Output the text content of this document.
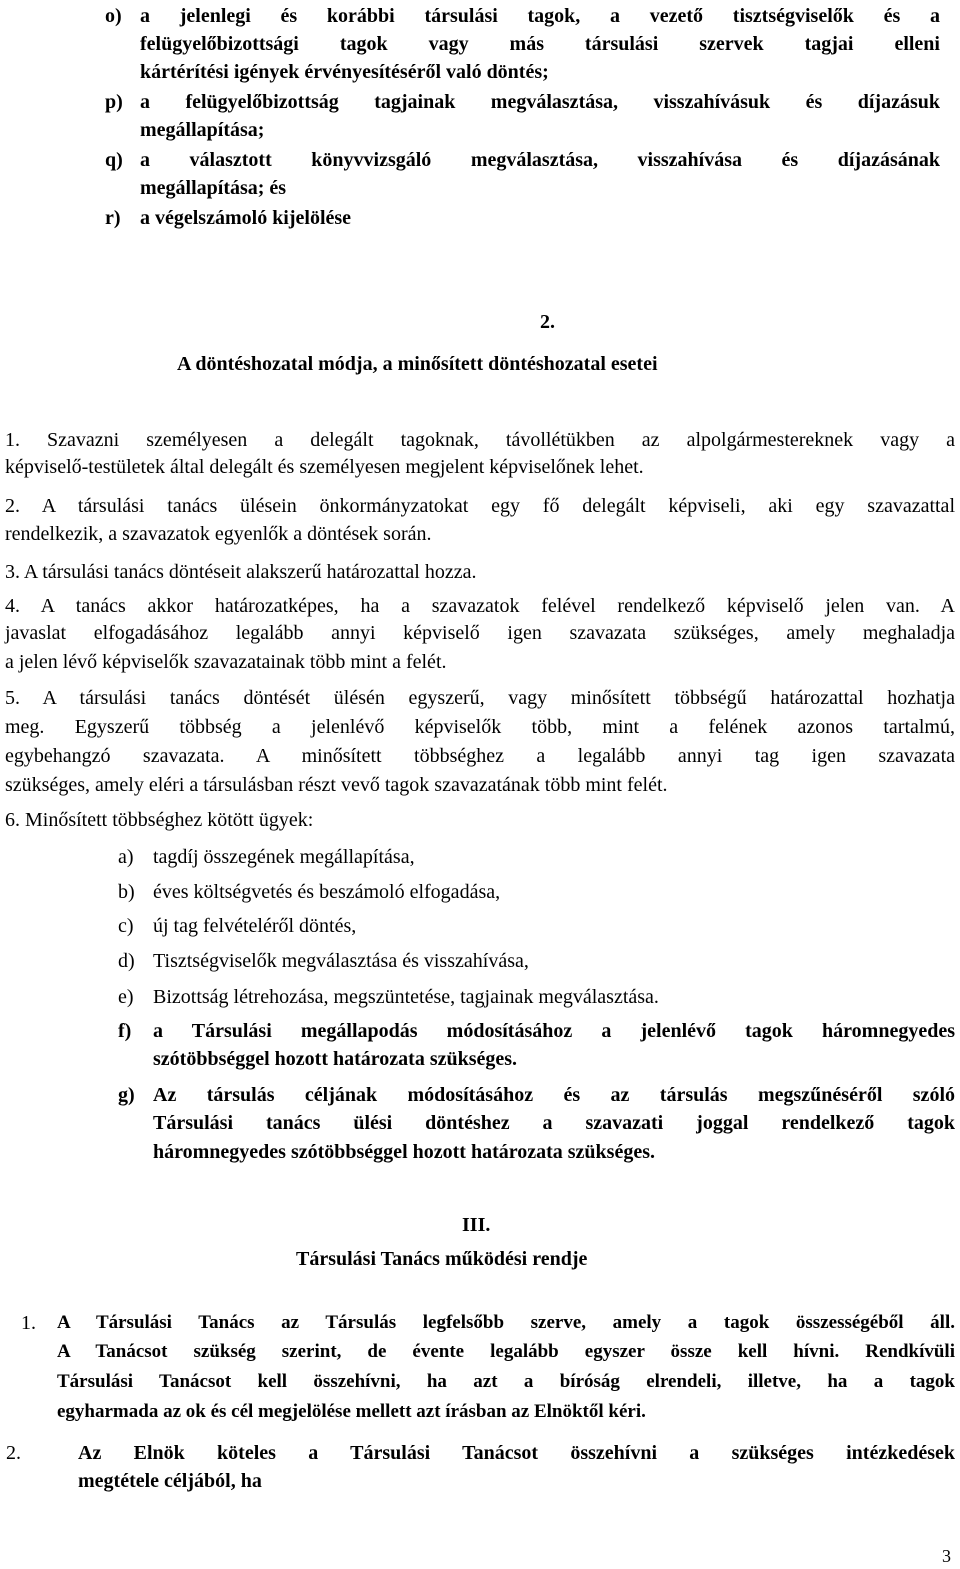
o) a jelenlegi és korábbi társulási tagok, a vezető tisztségviselők és a
felügyelőbizottsági tagok vagy más társulási szervek tagjai elleni
kártérítési igények érvényesítéséről való döntés;
p) a felügyelőbizottság tagjainak megválasztása, visszahívásuk és díjazásuk
megállapítása;
q) a választott könyvvizsgáló megválasztása, visszahívása és díjazásának
megállapítása; és
r) a végelszámoló kijelölése
2.
A döntéshozatal módja, a minősített döntéshozatal esetei
1. Szavazni személyesen a delegált tagoknak, távollétükben az alpolgármestereknek vagy a
képviselő-testületek által delegált és személyesen megjelent képviselőnek lehet.
2. A társulási tanács ülésein önkormányzatokat egy fő delegált képviseli, aki egy szavazattal
rendelkezik, a szavazatok egyenlők a döntések során.
3. A társulási tanács döntéseit alakszerű határozattal hozza.
4. A tanács akkor határozatképes, ha a szavazatok felével rendelkező képviselő jelen van. A
javaslat elfogadásához legalább annyi képviselő igen szavazata szükséges, amely meghaladja
a jelen lévő képviselők szavazatainak több mint a felét.
5. A társulási tanács döntését ülésén egyszerű, vagy minősített többségű határozattal hozhatja
meg. Egyszerű többség a jelenlévő képviselők több, mint a felének azonos tartalmú,
egybehangzó szavazata. A minősített többséghez a legalább annyi tag igen szavazata
szükséges, amely eléri a társulásban részt vevő tagok szavazatának több mint felét.
6. Minősített többséghez kötött ügyek:
a) tagdíj összegének megállapítása,
b) éves költségvetés és beszámoló elfogadása,
c) új tag felvételéről döntés,
d) Tisztségviselők megválasztása és visszahívása,
e) Bizottság létrehozása, megszüntetése, tagjainak megválasztása.
f) a Társulási megállapodás módosításához a jelenlévő tagok háromnegyedes
szótöbbséggel hozott határozata szükséges.
g) Az társulás céljának módosításához és az társulás megszűnéséről szóló
Társulási tanács ülési döntéshez a szavazati joggal rendelkező tagok
háromnegyedes szótöbbséggel hozott határozata szükséges.
III.
Társulási Tanács működési rendje
1. A Társulási Tanács az Társulás legfelsőbb szerve, amely a tagok összességéből áll.
A Tanácsot szükség szerint, de évente legalább egyszer össze kell hívni. Rendkívüli
Társulási Tanácsot kell összehívni, ha azt a bíróság elrendeli, illetve, ha a tagok
egyharmada az ok és cél megjelölése mellett azt írásban az Elnöktől kéri.
2.	Az Elnök köteles a Társulási Tanácsot összehívni a szükséges intézkedések
megtétele céljából, ha
3
